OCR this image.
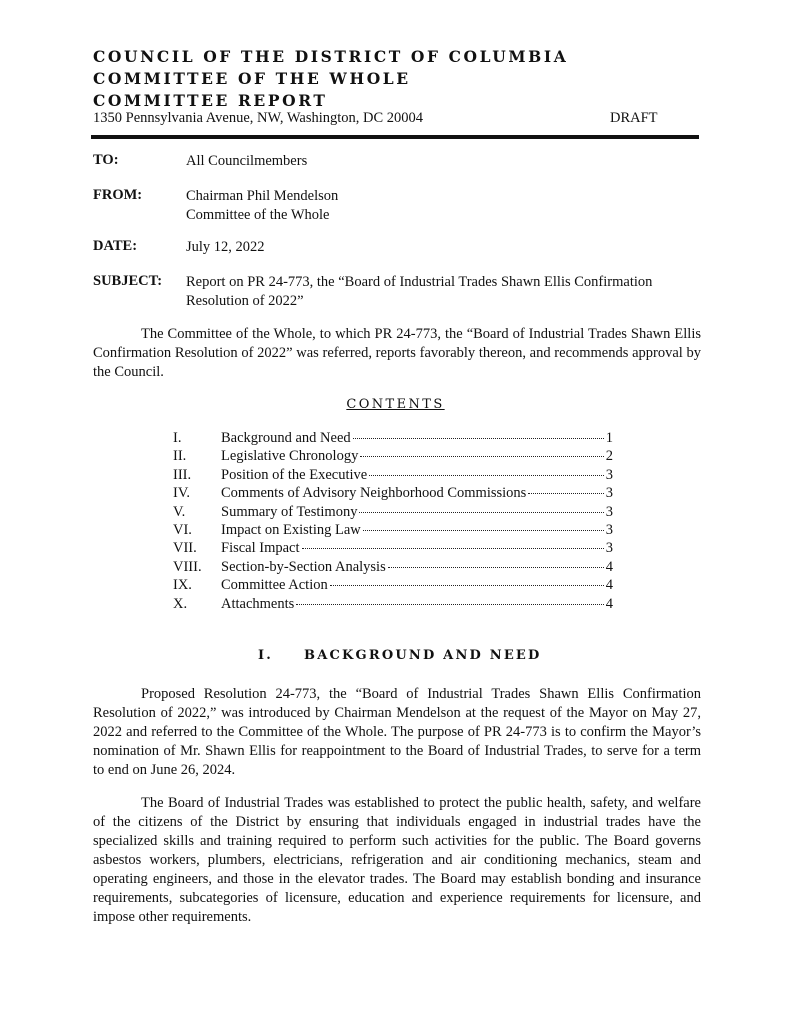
COUNCIL OF THE DISTRICT OF COLUMBIA
COMMITTEE OF THE WHOLE
COMMITTEE REPORT
1350 Pennsylvania Avenue, NW, Washington, DC 20004	DRAFT
TO:	All Councilmembers
FROM:	Chairman Phil Mendelson
Committee of the Whole
DATE:	July 12, 2022
SUBJECT: Report on PR 24-773, the “Board of Industrial Trades Shawn Ellis Confirmation Resolution of 2022”
The Committee of the Whole, to which PR 24-773, the “Board of Industrial Trades Shawn Ellis Confirmation Resolution of 2022” was referred, reports favorably thereon, and recommends approval by the Council.
CONTENTS
I.	Background and Need	1
II.	Legislative Chronology	2
III.	Position of the Executive	3
IV.	Comments of Advisory Neighborhood Commissions	3
V.	Summary of Testimony	3
VI.	Impact on Existing Law	3
VII.	Fiscal Impact	3
VIII.	Section-by-Section Analysis	4
IX.	Committee Action	4
X.	Attachments	4
I. BACKGROUND AND NEED
Proposed Resolution 24-773, the “Board of Industrial Trades Shawn Ellis Confirmation Resolution of 2022,” was introduced by Chairman Mendelson at the request of the Mayor on May 27, 2022 and referred to the Committee of the Whole. The purpose of PR 24-773 is to confirm the Mayor’s nomination of Mr. Shawn Ellis for reappointment to the Board of Industrial Trades, to serve for a term to end on June 26, 2024.
The Board of Industrial Trades was established to protect the public health, safety, and welfare of the citizens of the District by ensuring that individuals engaged in industrial trades have the specialized skills and training required to perform such activities for the public. The Board governs asbestos workers, plumbers, electricians, refrigeration and air conditioning mechanics, steam and operating engineers, and those in the elevator trades. The Board may establish bonding and insurance requirements, subcategories of licensure, education and experience requirements for licensure, and impose other requirements.
